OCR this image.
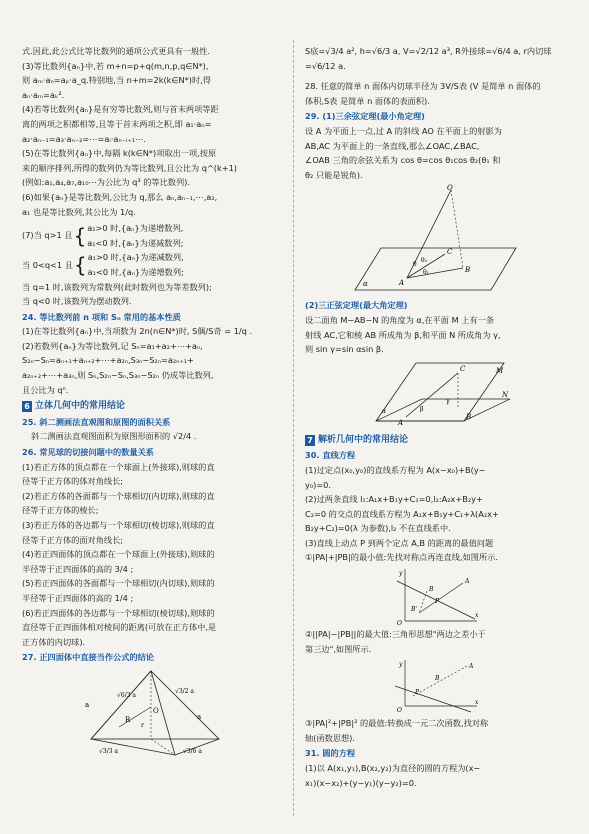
式.因此,此公式比等比数列的通项公式更具有一般性.

(3)等比数列{aₙ}中,若 m+n=p+q(m,n,p,q∈N*),

则 aₘ·aₙ=aₚ·a_q.特别地,当 n+m=2k(k∈N*)时,得

aₙ·aₘ=aₖ².

(4)若等比数列{aₙ}是有穷等比数列,则与首末两项等距

离的两项之积都相等,且等于首末两项之积,即 a₁·aₙ=

a₂·aₙ₋₁=a₃·aₙ₋₂=⋯=aᵢ·aₙ₋ᵢ₊₁⋯.

(5)在等比数列{aₙ}中,每隔 k(k∈N*)项取出一项,按原

来的顺序排列,所得的数列仍为等比数列,且公比为 q^(k+1)

(例如:a₁,a₄,a₇,a₁₀⋯为公比为 q³ 的等比数列).

(6)如果{aₙ}是等比数列,公比为 q,那么 aₙ,aₙ₋₁,⋯,a₂,

a₁ 也是等比数列,其公比为 1/q.

(7)当 q>1 且 { a₁>0 时,{aₙ}为递增数列,
a₁<0 时,{aₙ}为递减数列;
当 0<q<1 且 { a₁>0 时,{aₙ}为递减数列,
a₁<0 时,{aₙ}为递增数列;

当 q=1 时,该数列为常数列(此时数列也为等差数列);

当 q<0 时,该数列为摆动数列.

24. 等比数列前 n 项和 Sₙ 常用的基本性质

(1)在等比数列{aₙ}中,当项数为 2n(n∈N*)时, S偶/S奇 = 1/q .

(2)若数列{aₙ}为等比数列,记 Sₙ=a₁+a₂+⋯+aₙ,

S₂ₙ−Sₙ=aₙ₊₁+aₙ₊₂+⋯+a₂ₙ,S₃ₙ−S₂ₙ=a₂ₙ₊₁+

a₂ₙ₊₂+⋯+a₃ₙ,则 Sₙ,S₂ₙ−Sₙ,S₃ₙ−S₂ₙ 仍成等比数列,

且公比为 qⁿ.

6 立体几何中的常用结论

25. 斜二测画法直观图和原图的面积关系

斜二测画法直观图面积为原图形面积的 √2/4 .

26. 常见球的切接问题中的数量关系

(1)若正方体的顶点都在一个球面上(外接球),则球的直

径等于正方体的体对角线长;

(2)若正方体的各面都与一个球相切(内切球),则球的直

径等于正方体的棱长;

(3)若正方体的各边都与一个球相切(棱切球),则球的直

径等于正方体的面对角线长;

(4)若正四面体的顶点都在一个球面上(外接球),则球的

半径等于正四面体的高的 3/4 ;

(5)若正四面体的各面都与一个球相切(内切球),则球的

半径等于正四面体的高的 1/4 ;

(6)若正四面体的各边都与一个球相切(棱切球),则球的

直径等于正四面体相对棱间的距离(可放在正方体中,是

正方体的内切球).

27. 正四面体中直接当作公式的结论

a
√6/3 a
R
r
O
√3/3 a	√3/6 a
√3/2 a
a

S底=√3/4 a², h=√6/3 a, V=√2/12 a³, R外接球=√6/4 a, r内切球=√6/12 a.

28. 任意的简单 n 面体内切球半径为 3V/S表 (V 是简单 n 面体的

体积,S表 是简单 n 面体的表面积).

29. (1)三余弦定理(最小角定理)

设 A 为平面上一点,过 A 的斜线 AO 在平面上的射影为

AB,AC 为平面上的一条直线,那么∠OAC,∠BAC,

∠OAB 三角的余弦关系为 cos θ=cos θ₁cos θ₂(θ₁ 和

θ₂ 只能是锐角).

O
A
B
C
α
θ
θ₁
θ₂

(2)三正弦定理(最大角定理)

设二面角 M−AB−N 的角度为 α,在平面 M 上有一条

射线 AC,它和棱 AB 所成角为 β,和平面 N 所成角为 γ,

则 sin γ=sin αsin β.

M
N
A
B
C
α	β
γ
7 解析几何中的常用结论

30. 直线方程

(1)过定点(x₀,y₀)的直线系方程为 A(x−x₀)+B(y−

y₀)=0.

(2)过两条直线 l₁:A₁x+B₁y+C₁=0,l₂:A₂x+B₂y+

C₂=0 的交点的直线系方程为 A₁x+B₁y+C₁+λ(A₂x+

B₂y+C₂)=0(λ 为参数),l₂ 不在直线系中.

(3)直线上动点 P 到两个定点 A,B 的距离的最值问题

①|PA|+|PB|的最小值:先找对称点再连直线,如图所示.

y
x
O
A
B
P
B'

②||PA|−|PB||的最大值:三角形思想"两边之差小于

第三边",如图所示.

y
x
O
A
B
P

③|PA|²+|PB|² 的最值:转换成一元二次函数,找对称

轴(函数思想).

31. 圆的方程

(1)以 A(x₁,y₁),B(x₂,y₂)为直径的圆的方程为(x−

x₁)(x−x₂)+(y−y₁)(y−y₂)=0.
